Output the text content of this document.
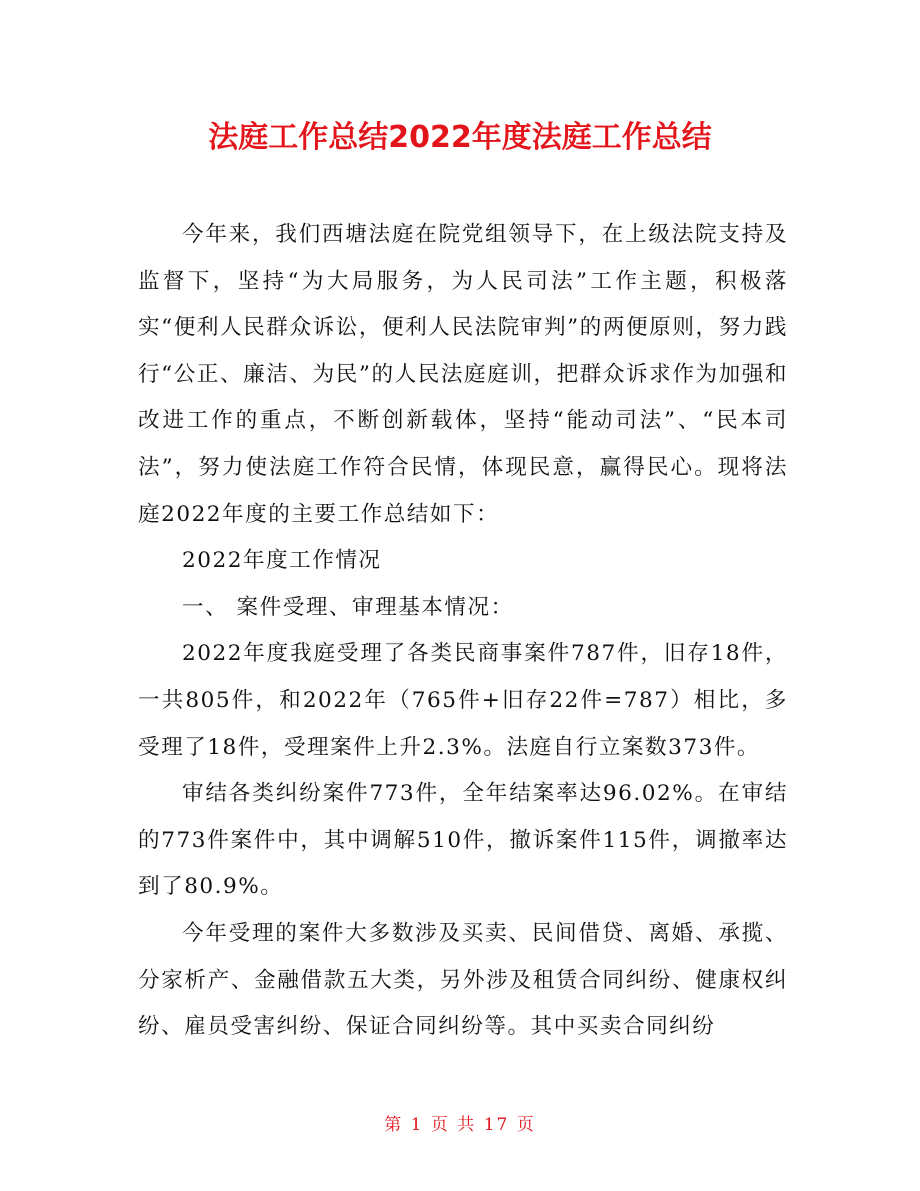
法庭工作总结2022年度法庭工作总结

今年来，我们西塘法庭在院党组领导下，在上级法院支持及监督下，坚持“为大局服务，为人民司法”工作主题，积极落实“便利人民群众诉讼，便利人民法院审判”的两便原则，努力践行“公正、廉洁、为民”的人民法庭庭训，把群众诉求作为加强和改进工作的重点，不断创新载体，坚持“能动司法”、“民本司法”，努力使法庭工作符合民情，体现民意，赢得民心。现将法庭2022年度的主要工作总结如下：

2022年度工作情况

一、 案件受理、审理基本情况：

2022年度我庭受理了各类民商事案件787件，旧存18件，一共805件，和2022年（765件+旧存22件=787）相比，多受理了18件，受理案件上升2.3%。法庭自行立案数373件。

审结各类纠纷案件773件，全年结案率达96.02%。在审结的773件案件中，其中调解510件，撤诉案件115件，调撤率达到了80.9%。

今年受理的案件大多数涉及买卖、民间借贷、离婚、承揽、分家析产、金融借款五大类，另外涉及租赁合同纠纷、健康权纠纷、雇员受害纠纷、保证合同纠纷等。其中买卖合同纠纷

第 1 页 共 17 页
